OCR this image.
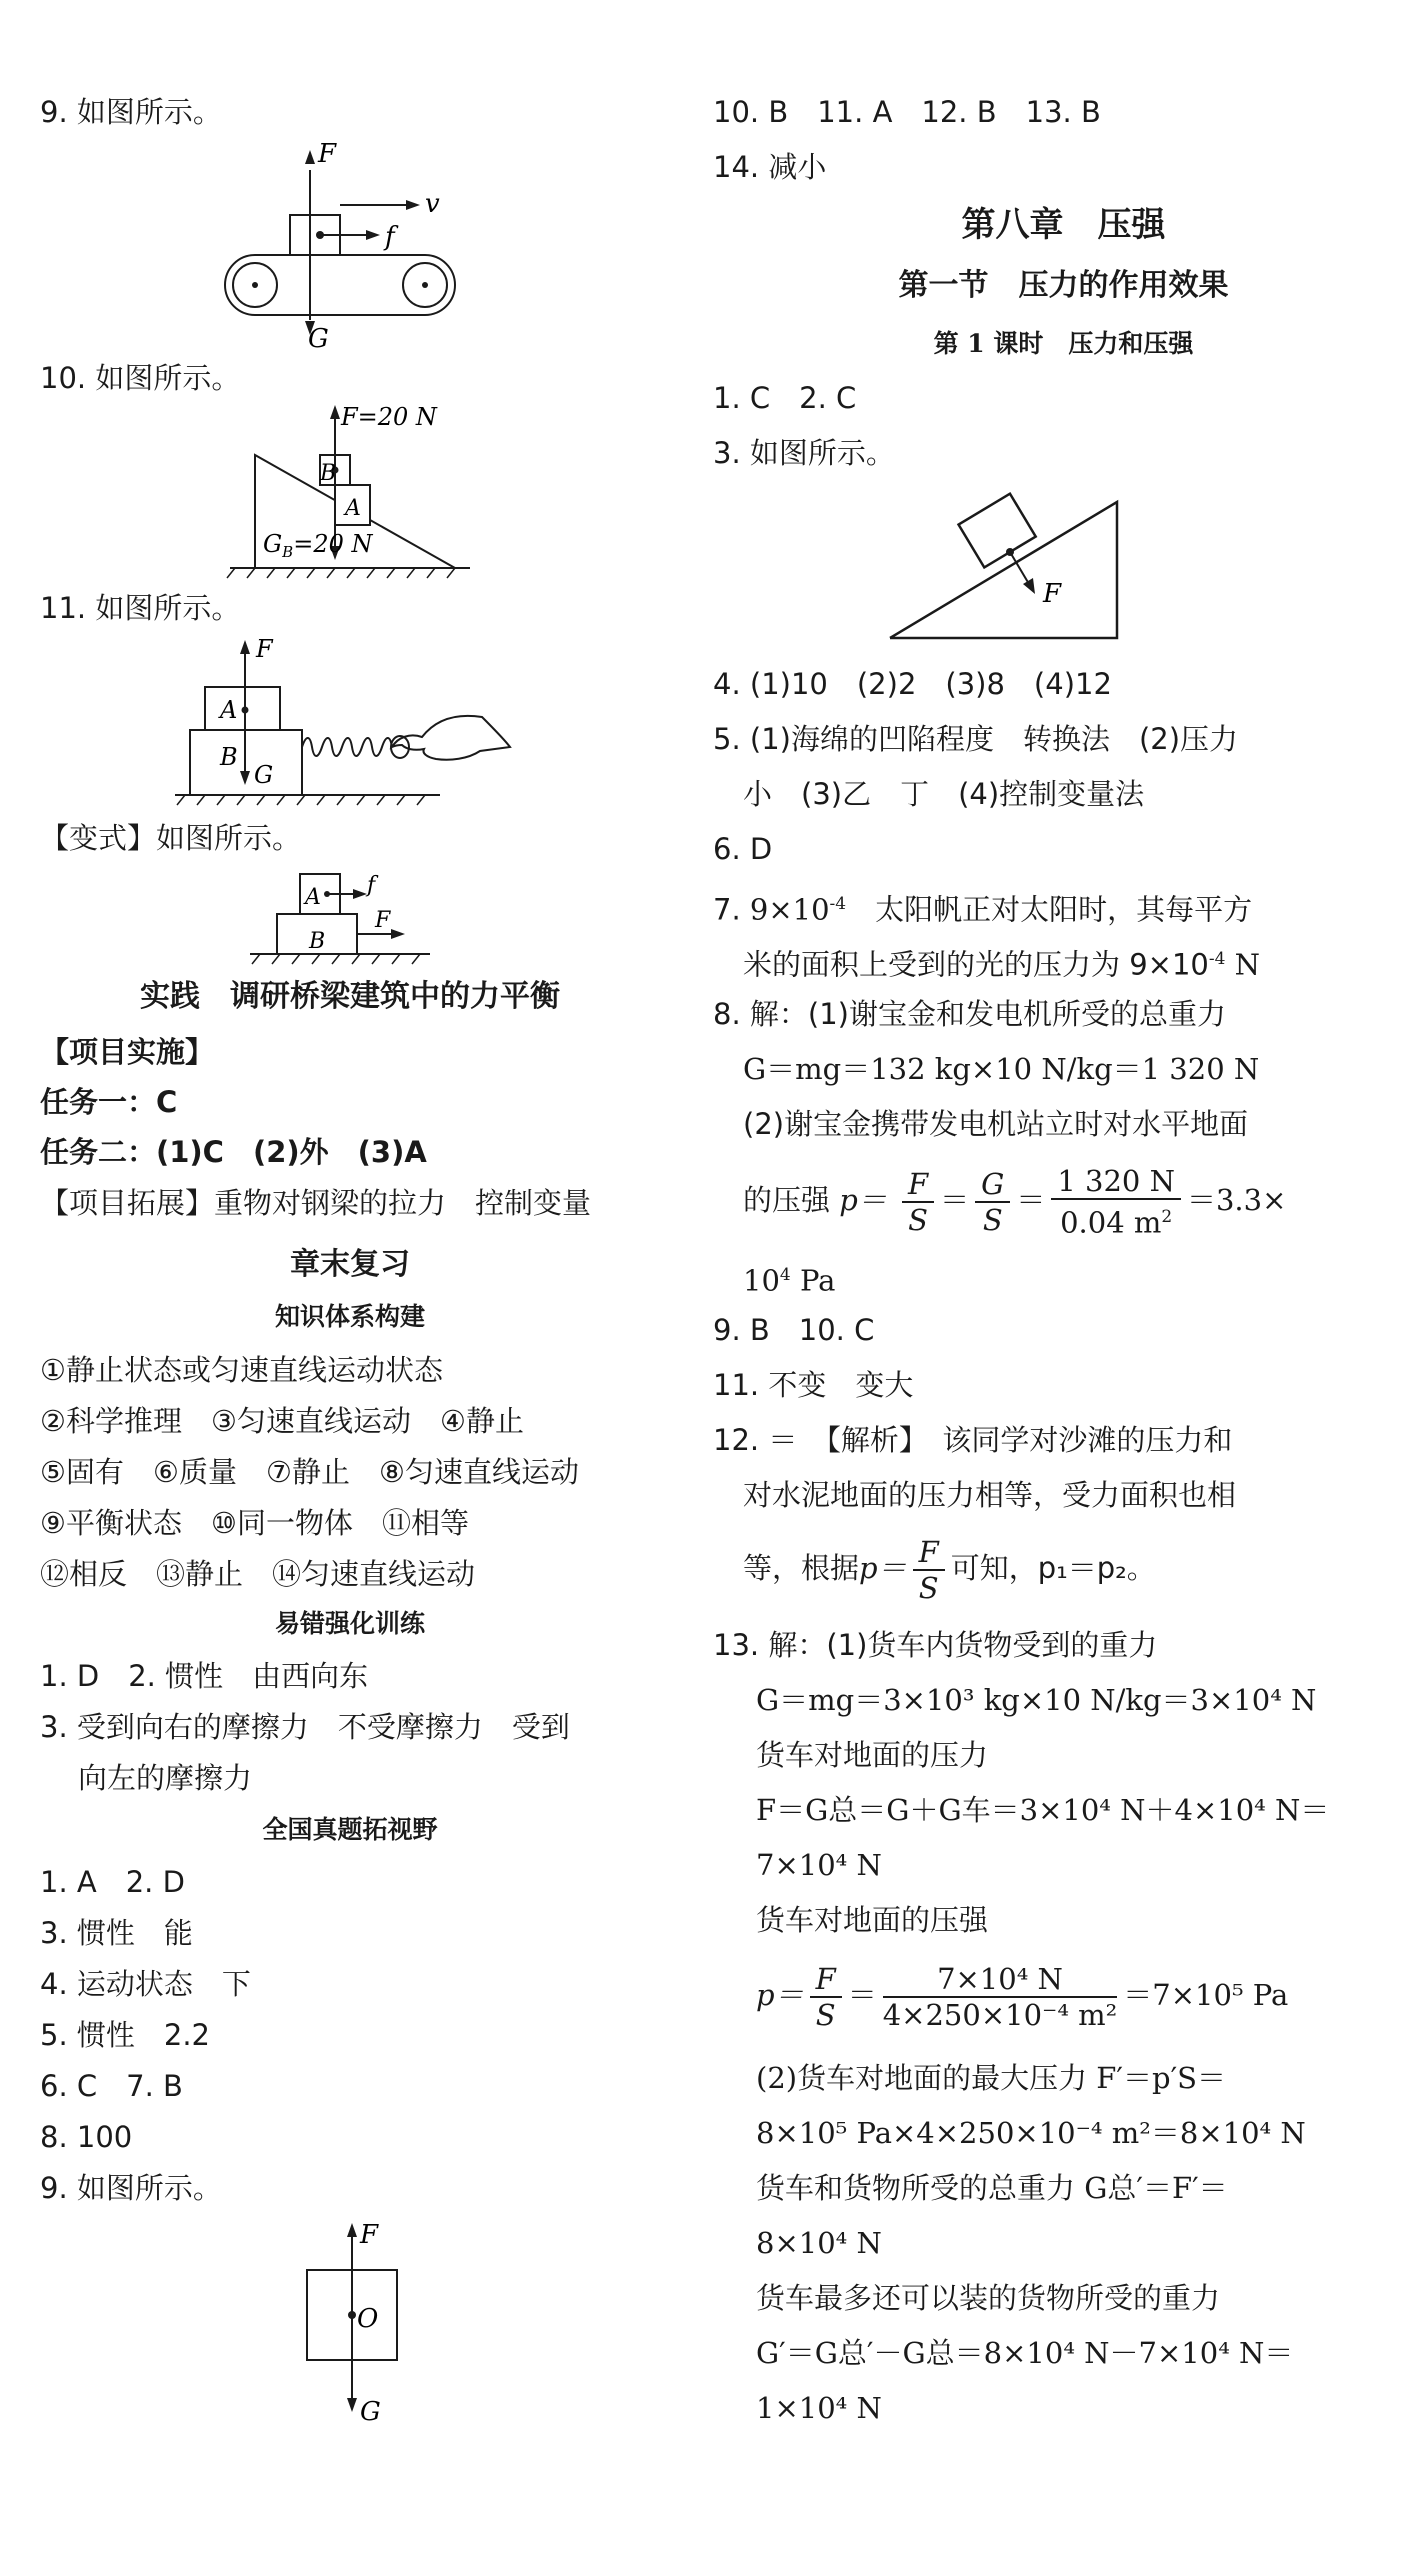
9. 如图所示。
F
v
f
G
10. 如图所示。
F=20 N
B
A
$G_B=20$ N
11. 如图所示。
F
A
B
G
【变式】如图所示。
A f
B
F
实践　调研桥梁建筑中的力平衡
【项目实施】
任务一：C
任务二：(1)C　(2)外　(3)A
【项目拓展】重物对钢梁的拉力　控制变量
章末复习
知识体系构建
①静止状态或匀速直线运动状态
②科学推理　③匀速直线运动　④静止
⑤固有　⑥质量　⑦静止　⑧匀速直线运动
⑨平衡状态　⑩同一物体　⑪相等
⑫相反　⑬静止　⑭匀速直线运动
易错强化训练
1. D　2. 惯性　由西向东
3. 受到向右的摩擦力　不受摩擦力　受到
向左的摩擦力
全国真题拓视野
1. A　2. D
3. 惯性　能
4. 运动状态　下
5. 惯性　2.2
6. C　7. B
8. 100
9. 如图所示。
F
O
G
10. B　11. A　12. B　13. B
14. 减小
第八章　压强
第一节　压力的作用效果
第 1 课时　压力和压强
1. C　2. C
3. 如图所示。
F
4. (1)10　(2)2　(3)8　(4)12
5. (1)海绵的凹陷程度　转换法　(2)压力
小　(3)乙　丁　(4)控制变量法
6. D
7. $9\times 10^{-4}$　太阳帆正对太阳时，其每平方
米的面积上受到的光的压力为 $9\times 10^{-4}$ N
8. 解：(1)谢宝金和发电机所受的总重力
G＝mg＝132 kg×10 N/kg＝1 320 N
(2)谢宝金携带发电机站立时对水平地面
的压强 $p= \frac{F}{S} = \frac{G}{S} = \frac{1 320 N}{0.04 m^2} =3.3\times$
$10^4$ Pa
9. B　10. C
11. 不变　变大
12. ＝　【解析】　该同学对沙滩的压力和
对水泥地面的压力相等，受力面积也相
等，根据$p= \frac{F}{S}$ 可知，p₁＝p₂。
13. 解：(1)货车内货物受到的重力
G＝mg＝3×10³ kg×10 N/kg＝3×10⁴ N
货车对地面的压力
F＝G总＝G＋G车＝3×10⁴ N＋4×10⁴ N＝
7×10⁴ N
货车对地面的压强
$p= \frac{F}{S} = \frac{\text{7×10⁴ N}}{\text{4×250×10⁻⁴ m²}} =7\times 10^5$ Pa
(2)货车对地面的最大压力 F′＝p′S＝
8×10⁵ Pa×4×250×10⁻⁴ m²＝8×10⁴ N
货车和货物所受的总重力 G总′＝F′＝
8×10⁴ N
货车最多还可以装的货物所受的重力
G′＝G总′－G总＝8×10⁴ N－7×10⁴ N＝
1×10⁴ N
